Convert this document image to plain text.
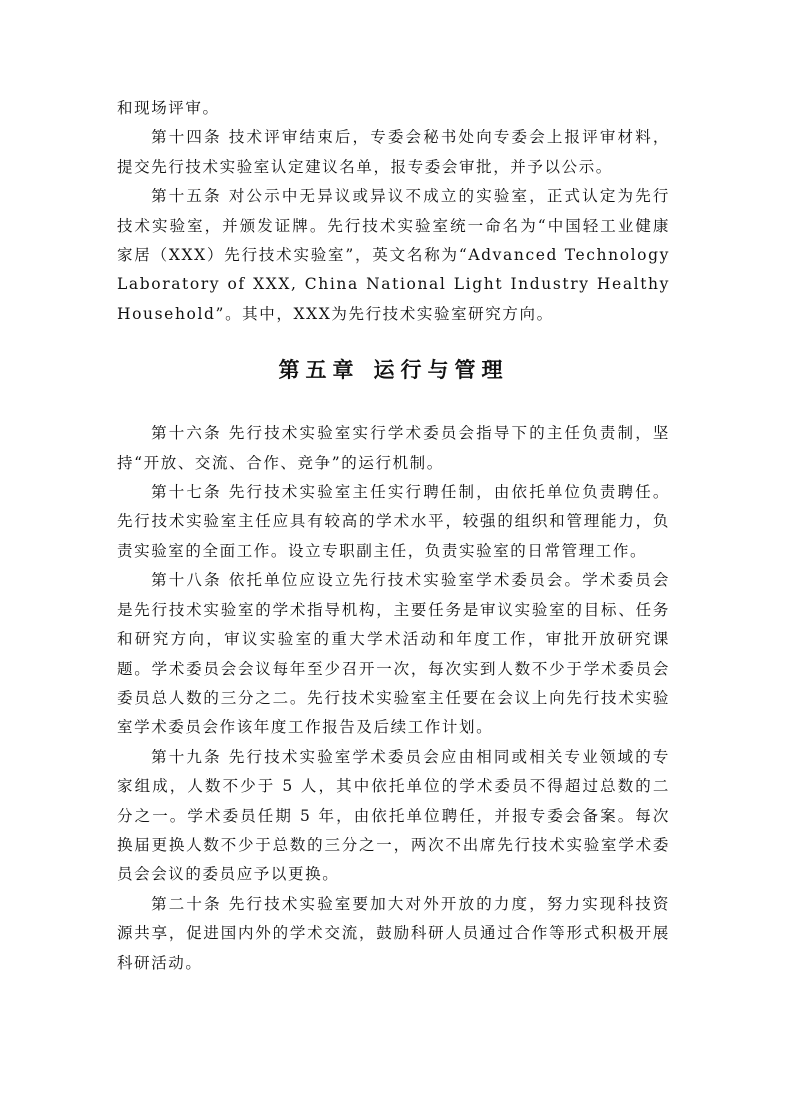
和现场评审。

第十四条 技术评审结束后，专委会秘书处向专委会上报评审材料，提交先行技术实验室认定建议名单，报专委会审批，并予以公示。

第十五条 对公示中无异议或异议不成立的实验室，正式认定为先行技术实验室，并颁发证牌。先行技术实验室统一命名为“中国轻工业健康家居（XXX）先行技术实验室”，英文名称为“Advanced Technology Laboratory of XXX, China National Light Industry Healthy Household”。其中，XXX为先行技术实验室研究方向。

第五章 运行与管理

第十六条 先行技术实验室实行学术委员会指导下的主任负责制，坚 持“开放、交流、合作、竞争”的运行机制。

第十七条 先行技术实验室主任实行聘任制，由依托单位负责聘任。 先行技术实验室主任应具有较高的学术水平，较强的组织和管理能力，负责实验室的全面工作。设立专职副主任，负责实验室的日常管理工作。

第十八条 依托单位应设立先行技术实验室学术委员会。学术委员会是先行技术实验室的学术指导机构，主要任务是审议实验室的目标、任务和研究方向，审议实验室的重大学术活动和年度工作，审批开放研究课题。学术委员会会议每年至少召开一次，每次实到人数不少于学术委员会委员总人数的三分之二。先行技术实验室主任要在会议上向先行技术实验室学术委员会作该年度工作报告及后续工作计划。

第十九条 先行技术实验室学术委员会应由相同或相关专业领域的专 家组成，人数不少于 5 人，其中依托单位的学术委员不得超过总数的二分之一。学术委员任期 5 年，由依托单位聘任，并报专委会备案。每次换届更换人数不少于总数的三分之一，两次不出席先行技术实验室学术委员会会议的委员应予以更换。

第二十条 先行技术实验室要加大对外开放的力度，努力实现科技资 源共享，促进国内外的学术交流，鼓励科研人员通过合作等形式积极开展科研活动。
